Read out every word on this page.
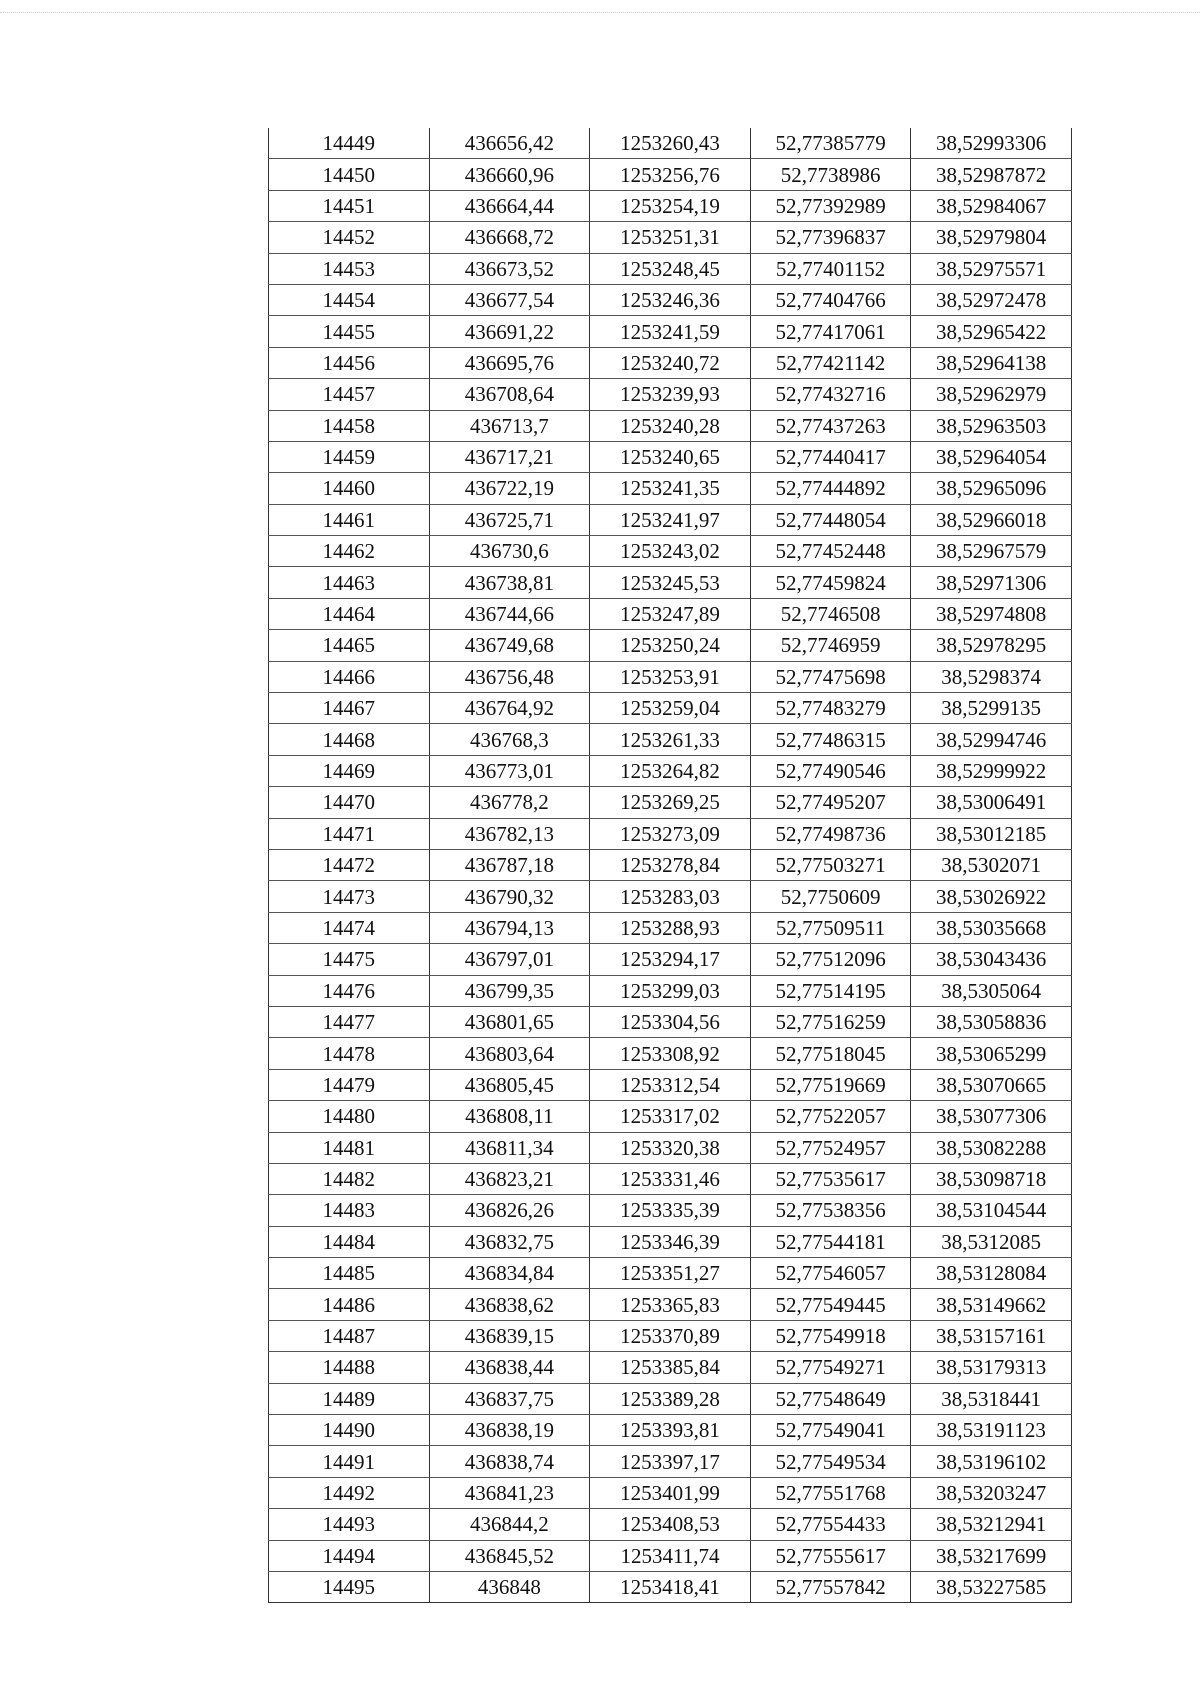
14449	436656,42	1253260,43	52,77385779	38,52993306
14450	436660,96	1253256,76	52,7738986	38,52987872
14451	436664,44	1253254,19	52,77392989	38,52984067
14452	436668,72	1253251,31	52,77396837	38,52979804
14453	436673,52	1253248,45	52,77401152	38,52975571
14454	436677,54	1253246,36	52,77404766	38,52972478
14455	436691,22	1253241,59	52,77417061	38,52965422
14456	436695,76	1253240,72	52,77421142	38,52964138
14457	436708,64	1253239,93	52,77432716	38,52962979
14458	436713,7	1253240,28	52,77437263	38,52963503
14459	436717,21	1253240,65	52,77440417	38,52964054
14460	436722,19	1253241,35	52,77444892	38,52965096
14461	436725,71	1253241,97	52,77448054	38,52966018
14462	436730,6	1253243,02	52,77452448	38,52967579
14463	436738,81	1253245,53	52,77459824	38,52971306
14464	436744,66	1253247,89	52,7746508	38,52974808
14465	436749,68	1253250,24	52,7746959	38,52978295
14466	436756,48	1253253,91	52,77475698	38,5298374
14467	436764,92	1253259,04	52,77483279	38,5299135
14468	436768,3	1253261,33	52,77486315	38,52994746
14469	436773,01	1253264,82	52,77490546	38,52999922
14470	436778,2	1253269,25	52,77495207	38,53006491
14471	436782,13	1253273,09	52,77498736	38,53012185
14472	436787,18	1253278,84	52,77503271	38,5302071
14473	436790,32	1253283,03	52,7750609	38,53026922
14474	436794,13	1253288,93	52,77509511	38,53035668
14475	436797,01	1253294,17	52,77512096	38,53043436
14476	436799,35	1253299,03	52,77514195	38,5305064
14477	436801,65	1253304,56	52,77516259	38,53058836
14478	436803,64	1253308,92	52,77518045	38,53065299
14479	436805,45	1253312,54	52,77519669	38,53070665
14480	436808,11	1253317,02	52,77522057	38,53077306
14481	436811,34	1253320,38	52,77524957	38,53082288
14482	436823,21	1253331,46	52,77535617	38,53098718
14483	436826,26	1253335,39	52,77538356	38,53104544
14484	436832,75	1253346,39	52,77544181	38,5312085
14485	436834,84	1253351,27	52,77546057	38,53128084
14486	436838,62	1253365,83	52,77549445	38,53149662
14487	436839,15	1253370,89	52,77549918	38,53157161
14488	436838,44	1253385,84	52,77549271	38,53179313
14489	436837,75	1253389,28	52,77548649	38,5318441
14490	436838,19	1253393,81	52,77549041	38,53191123
14491	436838,74	1253397,17	52,77549534	38,53196102
14492	436841,23	1253401,99	52,77551768	38,53203247
14493	436844,2	1253408,53	52,77554433	38,53212941
14494	436845,52	1253411,74	52,77555617	38,53217699
14495	436848	1253418,41	52,77557842	38,53227585
